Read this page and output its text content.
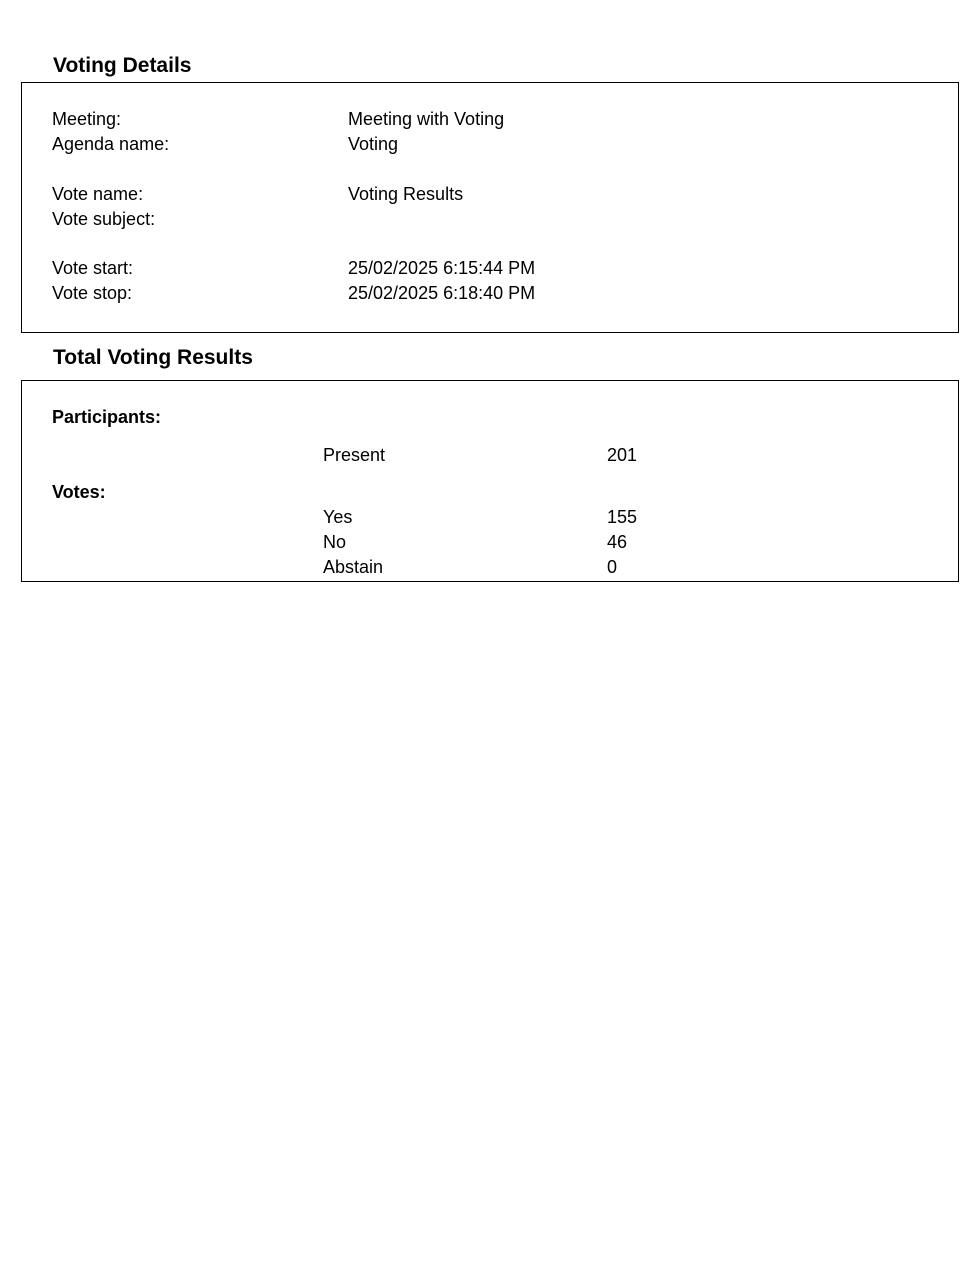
Voting Details
Meeting:	Meeting with Voting
Agenda name:	Voting
Vote name:	Voting Results
Vote subject:
Vote start:	25/02/2025 6:15:44 PM
Vote stop:	25/02/2025 6:18:40 PM
Total Voting Results
Participants:
Present	201
Votes:
Yes	155
No	46
Abstain	0
